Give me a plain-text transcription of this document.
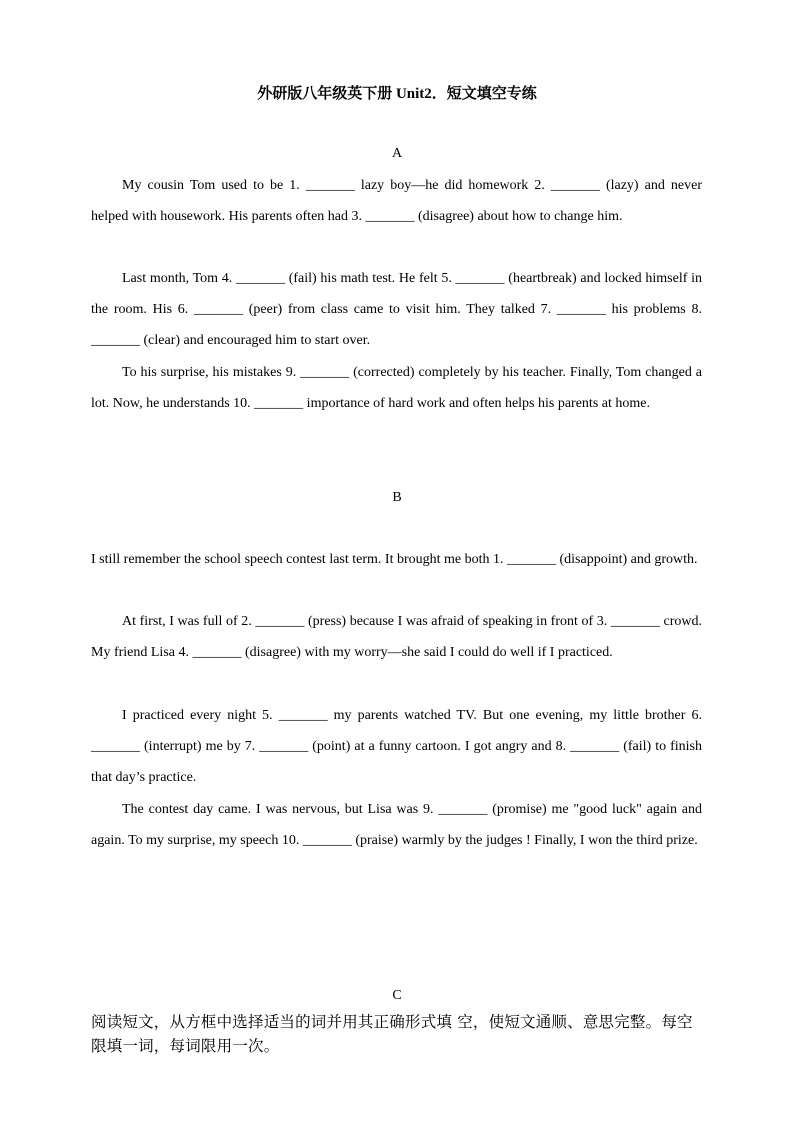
外研版八年级英下册 Unit2．短文填空专练
A

My cousin Tom used to be 1. _______ lazy boy—he did homework 2. _______ (lazy) and never helped with housework. His parents often had 3. _______ (disagree) about how to change him.

Last month, Tom 4. _______ (fail) his math test. He felt 5. _______ (heartbreak) and locked himself in the room. His 6. _______ (peer) from class came to visit him. They talked 7. _______ his problems 8. _______ (clear) and encouraged him to start over.

To his surprise, his mistakes 9. _______ (corrected) completely by his teacher. Finally, Tom changed a lot. Now, he understands 10. _______ importance of hard work and often helps his parents at home.

B

I still remember the school speech contest last term. It brought me both 1. _______ (disappoint) and growth.

At first, I was full of 2. _______ (press) because I was afraid of speaking in front of 3. _______ crowd. My friend Lisa 4. _______ (disagree) with my worry—she said I could do well if I practiced.

I practiced every night 5. _______ my parents watched TV. But one evening, my little brother 6. _______ (interrupt) me by 7. _______ (point) at a funny cartoon. I got angry and 8. _______ (fail) to finish that day’s practice.

The contest day came. I was nervous, but Lisa was 9. _______ (promise) me "good luck" again and again. To my surprise, my speech 10. _______ (praise) warmly by the judges ! Finally, I won the third prize.

C

阅读短文，从方框中选择适当的词并用其正确形式填 空，使短文通顺、意思完整。每空限填一词，每词限用一次。
